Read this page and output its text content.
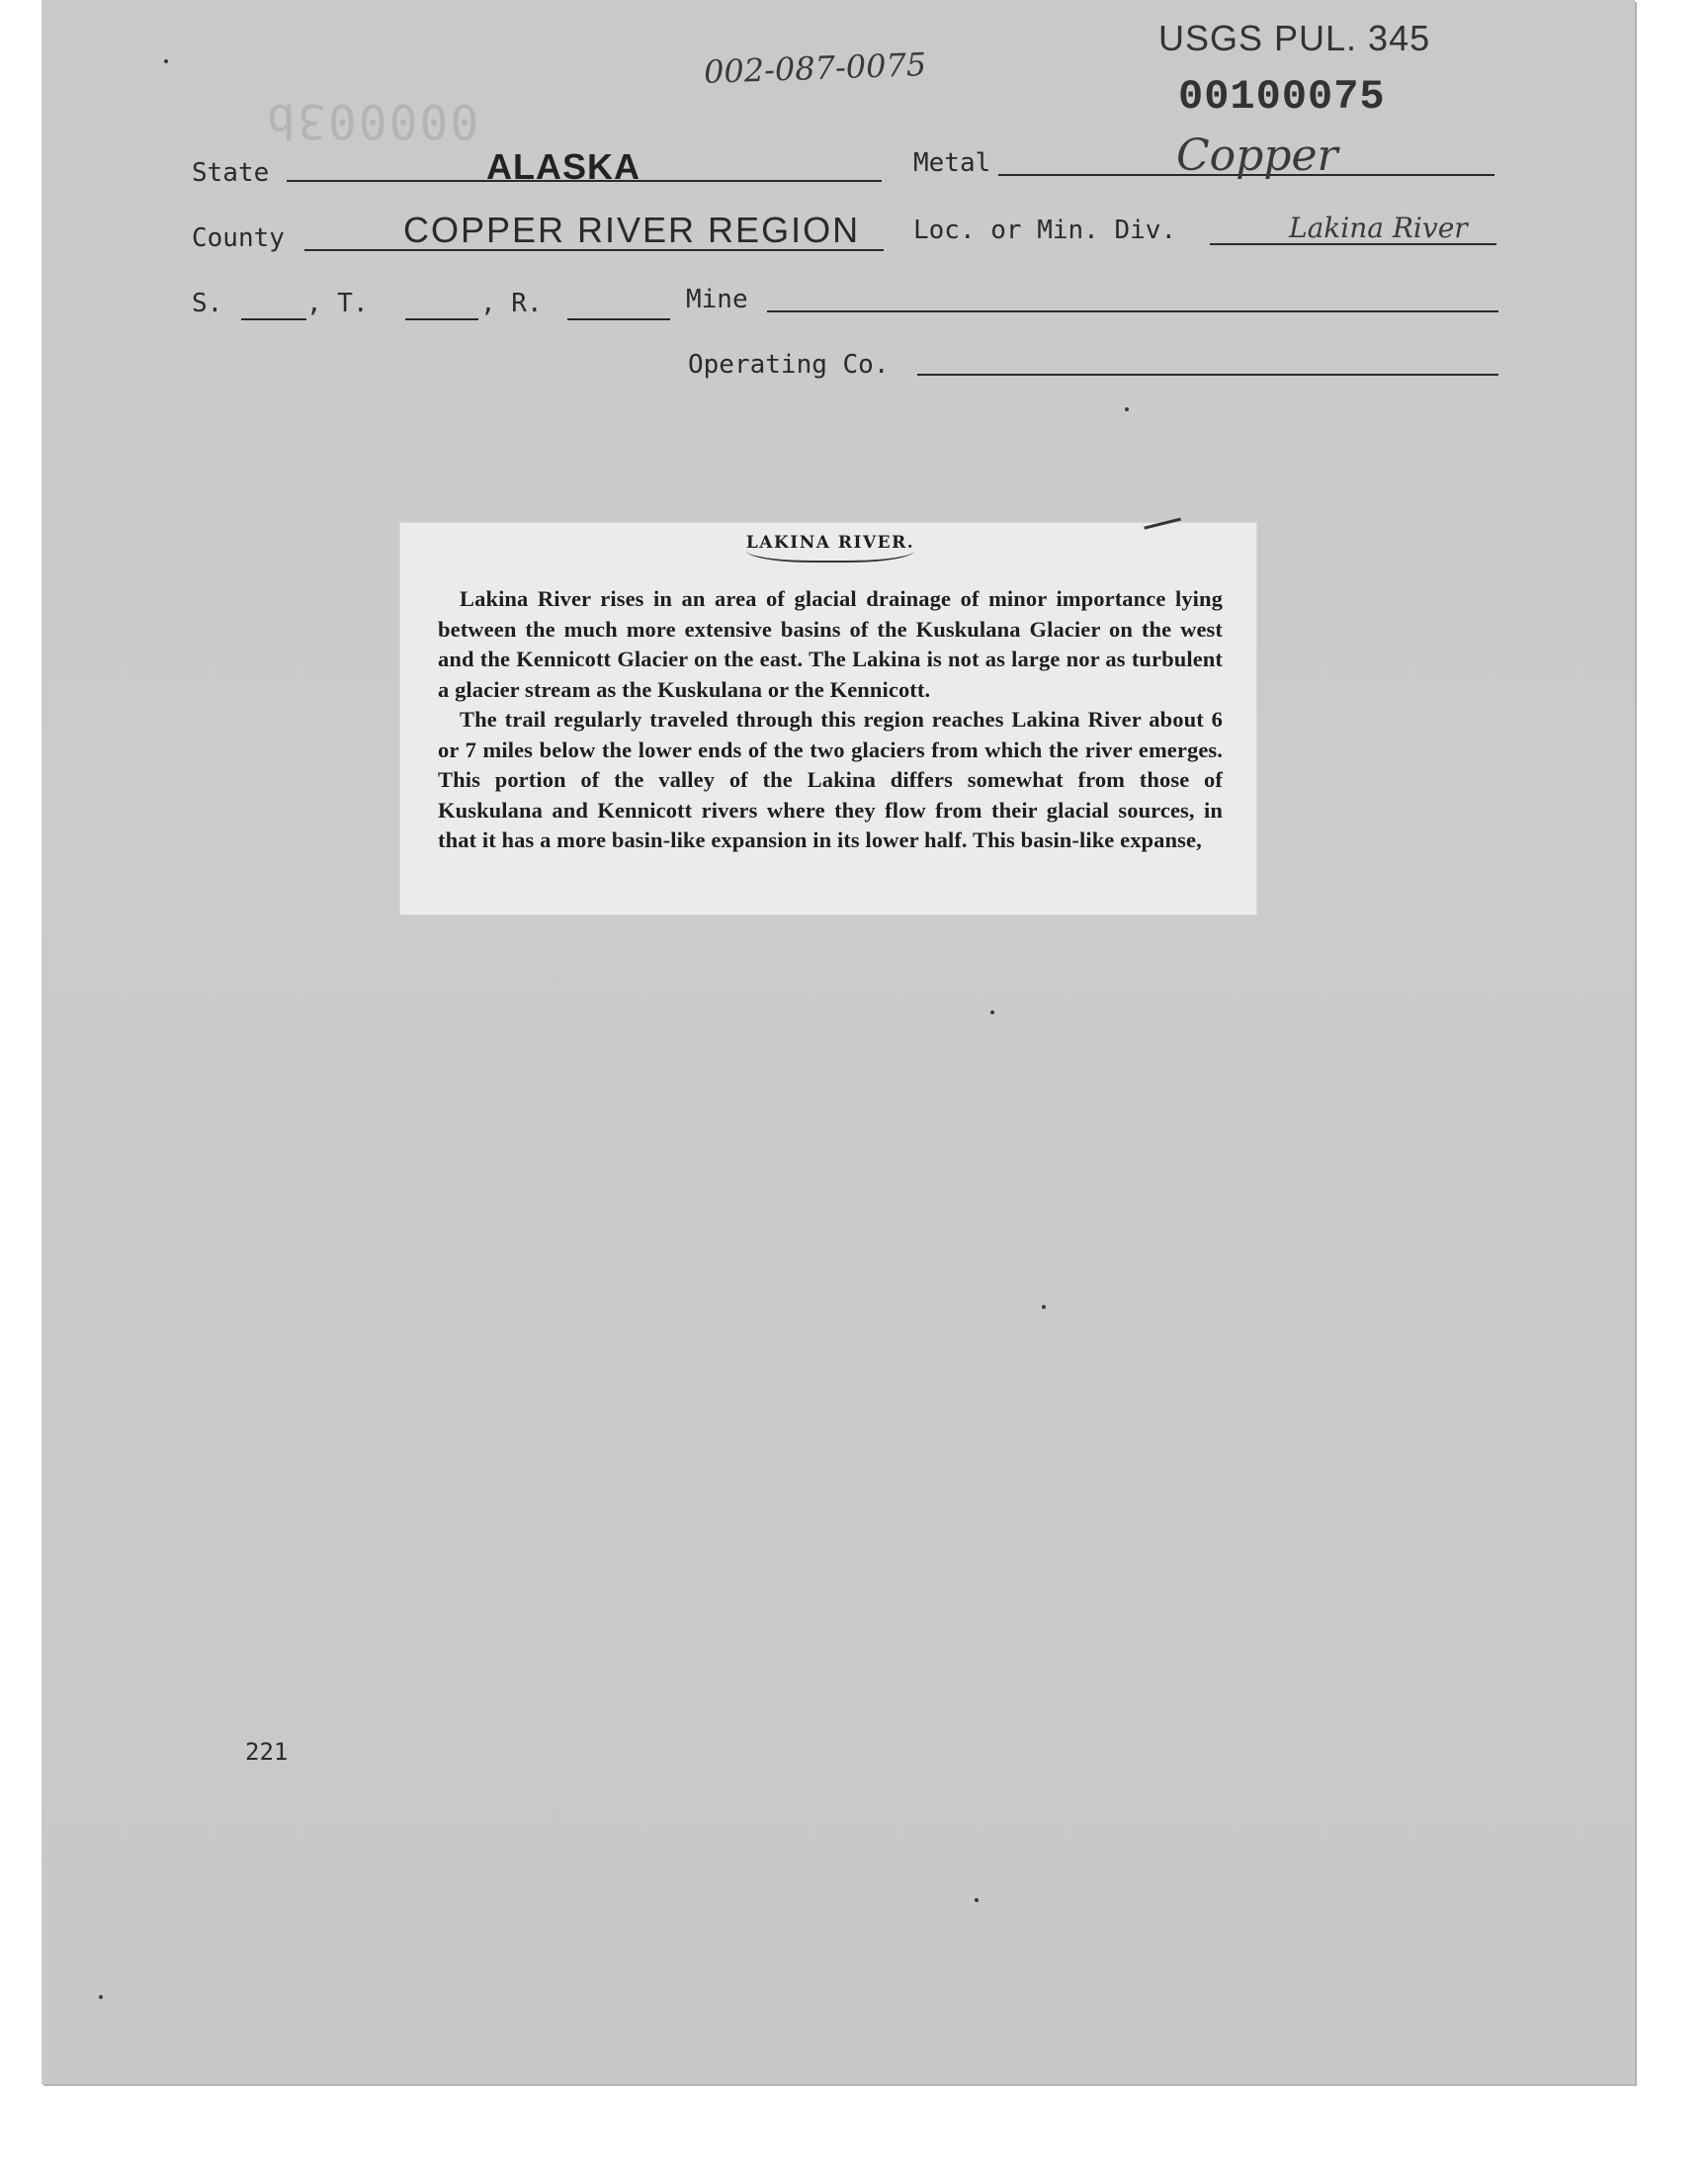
USGS PUL. 345
002-087-0075
00100075
000003b
State	ALASKA	Metal	Copper
County	COPPER RIVER REGION Loc. or Min. Div.	Lakina River
S.	, T.	, R.	Mine
Operating Co.
221
LAKINA RIVER.

Lakina River rises in an area of glacial drainage of minor importance lying between the much more extensive basins of the Kuskulana Glacier on the west and the Kennicott Glacier on the east. The Lakina is not as large nor as turbulent a glacier stream as the Kuskulana or the Kennicott.

The trail regularly traveled through this region reaches Lakina River about 6 or 7 miles below the lower ends of the two glaciers from which the river emerges. This portion of the valley of the Lakina differs somewhat from those of Kuskulana and Kennicott rivers where they flow from their glacial sources, in that it has a more basin-like expansion in its lower half. This basin-like expanse,
